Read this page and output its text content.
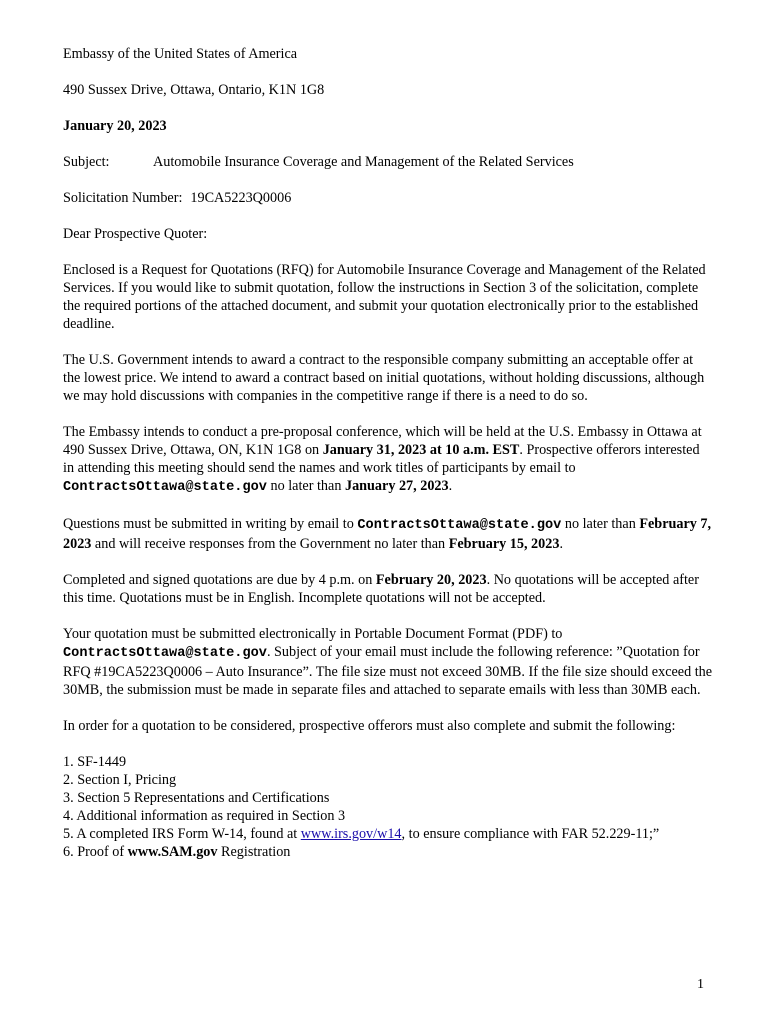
Embassy of the United States of America

490 Sussex Drive, Ottawa, Ontario, K1N 1G8

January 20, 2023

Subject:	Automobile Insurance Coverage and Management of the Related Services

Solicitation Number: 19CA5223Q0006

Dear Prospective Quoter:

Enclosed is a Request for Quotations (RFQ) for Automobile Insurance Coverage and Management of the Related Services. If you would like to submit quotation, follow the instructions in Section 3 of the solicitation, complete the required portions of the attached document, and submit your quotation electronically prior to the established deadline.

The U.S. Government intends to award a contract to the responsible company submitting an acceptable offer at the lowest price. We intend to award a contract based on initial quotations, without holding discussions, although we may hold discussions with companies in the competitive range if there is a need to do so.

The Embassy intends to conduct a pre-proposal conference, which will be held at the U.S. Embassy in Ottawa at 490 Sussex Drive, Ottawa, ON, K1N 1G8 on January 31, 2023 at 10 a.m. EST. Prospective offerors interested in attending this meeting should send the names and work titles of participants by email to ContractsOttawa@state.gov no later than January 27, 2023.

Questions must be submitted in writing by email to ContractsOttawa@state.gov no later than February 7, 2023 and will receive responses from the Government no later than February 15, 2023.

Completed and signed quotations are due by 4 p.m. on February 20, 2023. No quotations will be accepted after this time. Quotations must be in English. Incomplete quotations will not be accepted.

Your quotation must be submitted electronically in Portable Document Format (PDF) to ContractsOttawa@state.gov. Subject of your email must include the following reference: ”Quotation for RFQ #19CA5223Q0006 – Auto Insurance”. The file size must not exceed 30MB. If the file size should exceed the 30MB, the submission must be made in separate files and attached to separate emails with less than 30MB each.

In order for a quotation to be considered, prospective offerors must also complete and submit the following:

1. SF-1449

2. Section I, Pricing

3. Section 5 Representations and Certifications

4. Additional information as required in Section 3

5. A completed IRS Form W-14, found at www.irs.gov/w14, to ensure compliance with FAR 52.229-11;”

6. Proof of www.SAM.gov Registration

1
